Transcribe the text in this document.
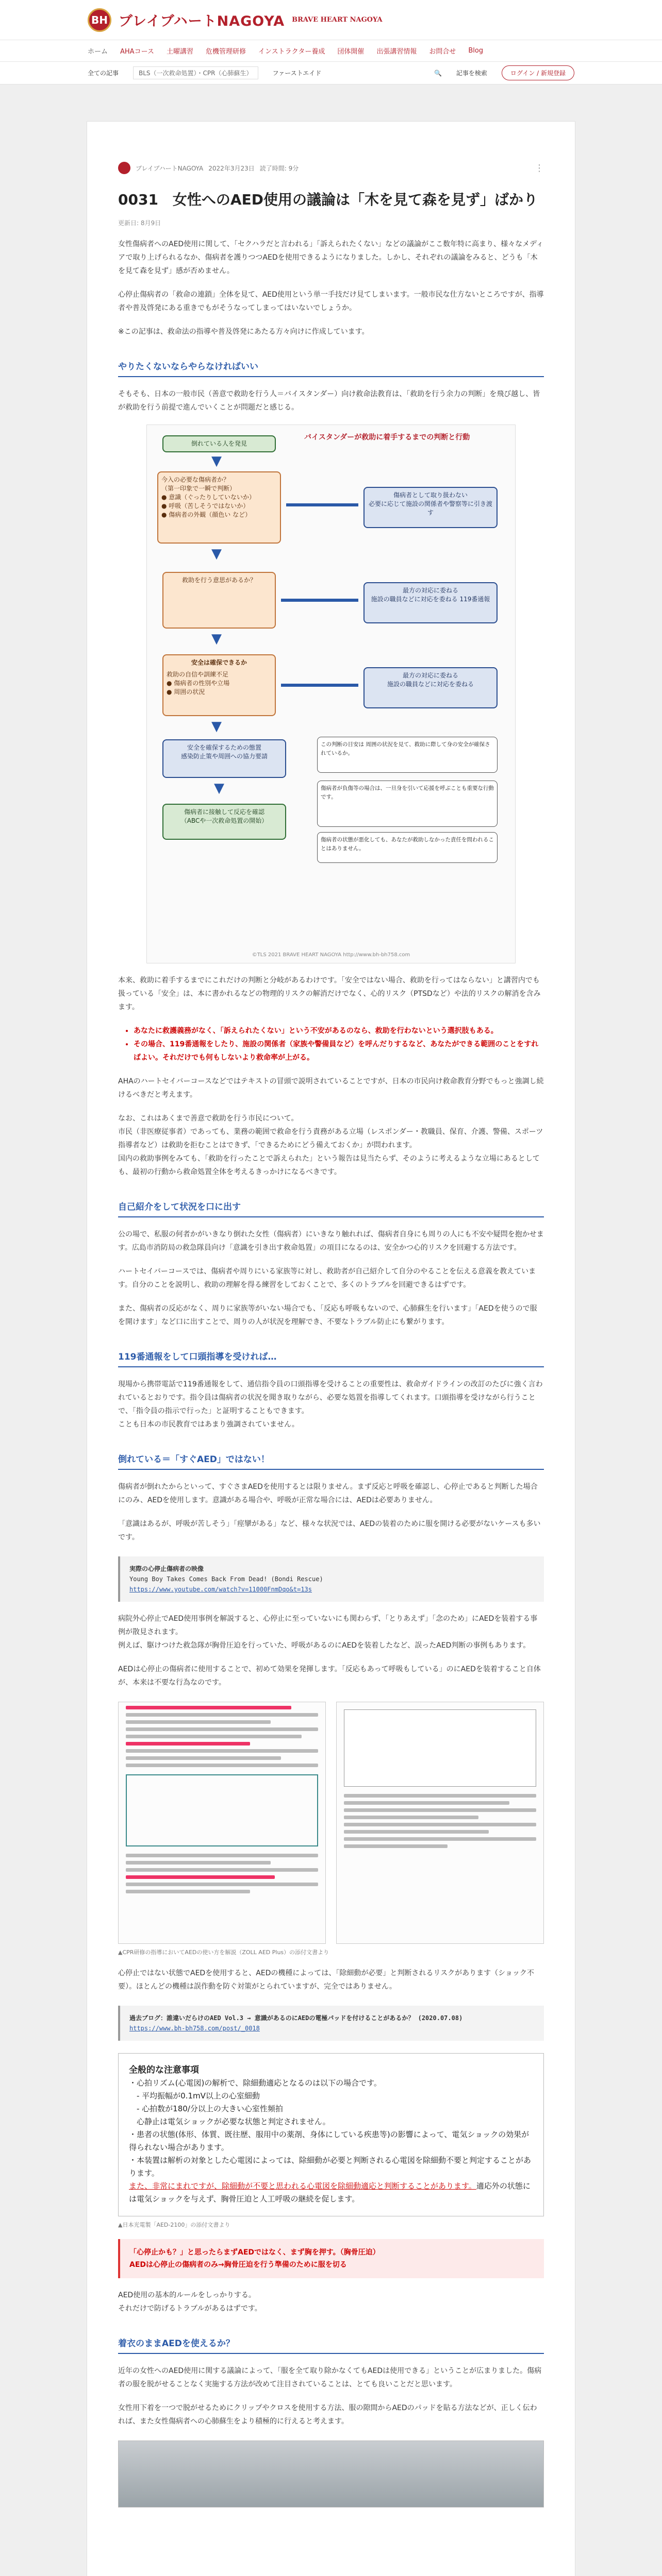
BH ブレイブハートNAGOYA BRAVE HEART NAGOYA
ホーム AHAコース 土曜講習 危機管理研修 インストラクター養成 団体開催 出張講習情報 お問合せ Blog
全ての記事	BLS（一次救命処置）・CPR（心肺蘇生）	ファーストエイド	🔍 記事を検索	ログイン / 新規登録
ブレイブハートNAGOYA 2022年3月23日 読了時間: 9分	⋮
0031　女性へのAED使用の議論は「木を見て森を見ず」ばかり
更新日: 8月9日

女性傷病者へのAED使用に関して、「セクハラだと言われる」「訴えられたくない」などの議論がここ数年特に高まり、様々なメディアで取り上げられるなか、傷病者を護りつつAEDを使用できるようになりました。しかし、それぞれの議論をみると、どうも「木を見て森を見ず」感が否めません。

心停止傷病者の「救命の連鎖」全体を見て、AED使用という単一手技だけ見てしまいます。一般市民な仕方ないところですが、指導者や普及啓発にある重きでもがそうなってしまってはいないでしょうか。

※この記事は、救命法の指導や普及啓発にあたる方々向けに作成しています。

やりたくないならやらなければいい

そもそも、日本の一般市民（善意で救助を行う人＝バイスタンダー）向け救命法教育は、「救助を行う余力の判断」を飛び越し、皆が救助を行う前提で進んでいくことが問題だと感じる。

倒れている人を発見
バイスタンダーが救助に着手するまでの判断と行動
▼
今入の必要な傷病者か？
（第一印象で一瞬で判断）
● 意識（ぐったりしていないか）
● 呼吸（苦しそうではないか）
● 傷病者の外観（顔色い など）
傷病者として取り扱わない
必要に応じて施設の関係者や警察等に引き渡す
▼
救助を行う意思があるか？
最方の対応に委ねる
施設の職員などに対応を委ねる 119番通報
▼
安全は確保できるか
救助の自信や訓練不足
● 傷病者の性別や立場
● 周囲の状況
最方の対応に委ねる
施設の職員などに対応を委ねる
▼
安全を確保するための態置
感染防止策や周囲への協力要請
この判断の目安は 周囲の状況を見て、救助に際して身の安全が確保されているか。
▼
傷病者に接触して反応を確認
（ABCや一次救命処置の開始）
傷病者が負傷等の場合は、一旦身を引いて応援を呼ぶことも重要な行動です。
傷病者の状態が悪化しても、あなたが救助しなかった責任を問われることはありません。
©TLS 2021 BRAVE HEART NAGOYA http://www.bh-bh758.com

本来、救助に着手するまでにこれだけの判断と分岐があるわけです。「安全ではない場合、救助を行ってはならない」と講習内でも扱っている「安全」は、本に書かれるなどの物理的リスクの解消だけでなく、心的リスク（PTSDなど）や法的リスクの解消を含みます。

• あなたに救護義務がなく、「訴えられたくない」という不安があるのなら、救助を行わないという選択肢もある。
• その場合、119番通報をしたり、施設の関係者（家族や警備員など）を呼んだりするなど、あなたができる範囲のことをすればよい。それだけでも何もしないより救命率が上がる。

AHAのハートセイバーコースなどではテキストの冒頭で説明されていることですが、日本の市民向け救命教育分野でもっと強調し続けるべきだと考えます。

なお、これはあくまで善意で救助を行う市民について。
市民（非医療従事者）であっても、業務の範囲で救命を行う責務がある立場（レスポンダー・教職員、保育、介護、警備、スポーツ指導者など）は救助を拒むことはできず、「できるためにどう備えておくか」が問われます。
国内の救助事例をみても、「救助を行ったことで訴えられた」という報告は見当たらず、そのように考えるような立場にあるとしても、最初の行動から救命処置全体を考えるきっかけになるべきです。

自己紹介をして状況を口に出す

公の場で、私服の何者かがいきなり倒れた女性（傷病者）にいきなり触れれば、傷病者自身にも周りの人にも不安や疑問を抱かせます。広島市消防局の救急隊員向け「意識を引き出す救命処置」の項目になるのは、安全かつ心的リスクを回避する方法です。

ハートセイバーコースでは、傷病者や周りにいる家族等に対し、救助者が自己紹介して自分のやることを伝える意義を教えています。自分のことを説明し、救助の理解を得る練習をしておくことで、多くのトラブルを回避できるはずです。

また、傷病者の反応がなく、周りに家族等がいない場合でも、「反応も呼吸もないので、心肺蘇生を行います」「AEDを使うので服を開けます」など口に出すことで、周りの人が状況を理解でき、不要なトラブル防止にも繋がります。

119番通報をして口頭指導を受ければ…

現場から携帯電話で119番通報をして、通信指令員の口頭指導を受けることの重要性は、救命ガイドラインの改訂のたびに強く言われているとおりです。指令員は傷病者の状況を聞き取りながら、必要な処置を指導してくれます。口頭指導を受けながら行うことで、「指令員の指示で行った」と証明することもできます。
ことも日本の市民教育ではあまり強調されていません。

倒れている＝「すぐAED」ではない！

傷病者が倒れたからといって、すぐさまAEDを使用するとは限りません。まず反応と呼吸を確認し、心停止であると判断した場合にのみ、AEDを使用します。意識がある場合や、呼吸が正常な場合には、AEDは必要ありません。

「意識はあるが、呼吸が苦しそう」「痙攣がある」など、様々な状況では、AEDの装着のために服を開ける必要がないケースも多いです。

実際の心停止傷病者の映像
Young Boy Takes Comes Back From Dead! (Bondi Rescue)
https://www.youtube.com/watch?v=11000FnmDqo&t=13s

病院外心停止でAED使用事例を解説すると、心停止に至っていないにも関わらず、「とりあえず」「念のため」にAEDを装着する事例が散見されます。
例えば、駆けつけた救急隊が胸骨圧迫を行っていた、呼吸があるのにAEDを装着したなど、誤ったAED判断の事例もあります。

AEDは心停止の傷病者に使用することで、初めて効果を発揮します。「反応もあって呼吸もしている」のにAEDを装着すること自体が、本来は不要な行為なのです。

▲CPR研修の指導においてAEDの使い方を解説（ZOLL AED Plus）の添付文書より

心停止ではない状態でAEDを使用すると、AEDの機種によっては、「除細動が必要」と判断されるリスクがあります（ショック不要）。ほとんどの機種は誤作動を防ぐ対策がとられていますが、完全ではありません。

過去ブログ：誰違いだらけのAED Vol.3 → 意識があるのにAEDの電極パッドを付けることがあるか？ (2020.07.08)
https://www.bh-bh758.com/post/_0018
全般的な注意事項
・心拍リズム(心電図)の解析で、除細動適応となるのは以下の場合です。
　- 平均振幅が0.1mV以上の心室細動
　- 心拍数が180/分以上の大きい心室性頻拍
　心静止は電気ショックが必要な状態と判定されません。
・患者の状態(体形、体質、既往歴、服用中の薬剤、身体にしている疾患等)の影響によって、電気ショックの効果が得られない場合があります。
・本装置は解析の対象とした心電図によっては、除細動が必要と判断される心電図を除細動不要と判定することがあります。
また、非常にまれですが、除細動が不要と思われる心電図を除細動適応と判断することがあります。適応外の状態には電気ショックを与えず、胸骨圧迫と人工呼吸の継続を促します。
▲日本光電製「AED-2100」の添付文書より
「心停止かも？」と思ったらまずAEDではなく、まず胸を押す。（胸骨圧迫）
AEDは心停止の傷病者のみ→胸骨圧迫を行う準備のために服を切る

AED使用の基本的ルールをしっかりする。
それだけで防げるトラブルがあるはずです。

着衣のままAEDを使えるか？

近年の女性へのAED使用に関する議論によって、「服を全て取り除かなくてもAEDは使用できる」ということが広まりました。傷病者の服を脱がせることなく実施する方法が改めて注目されていることは、とても良いことだと思います。

女性用下着を一つで脱がせるためにクリップやクロスを使用する方法、服の隙間からAEDのパッドを貼る方法などが、正しく伝われば、また女性傷病者への心肺蘇生をより積極的に行えると考えます。
